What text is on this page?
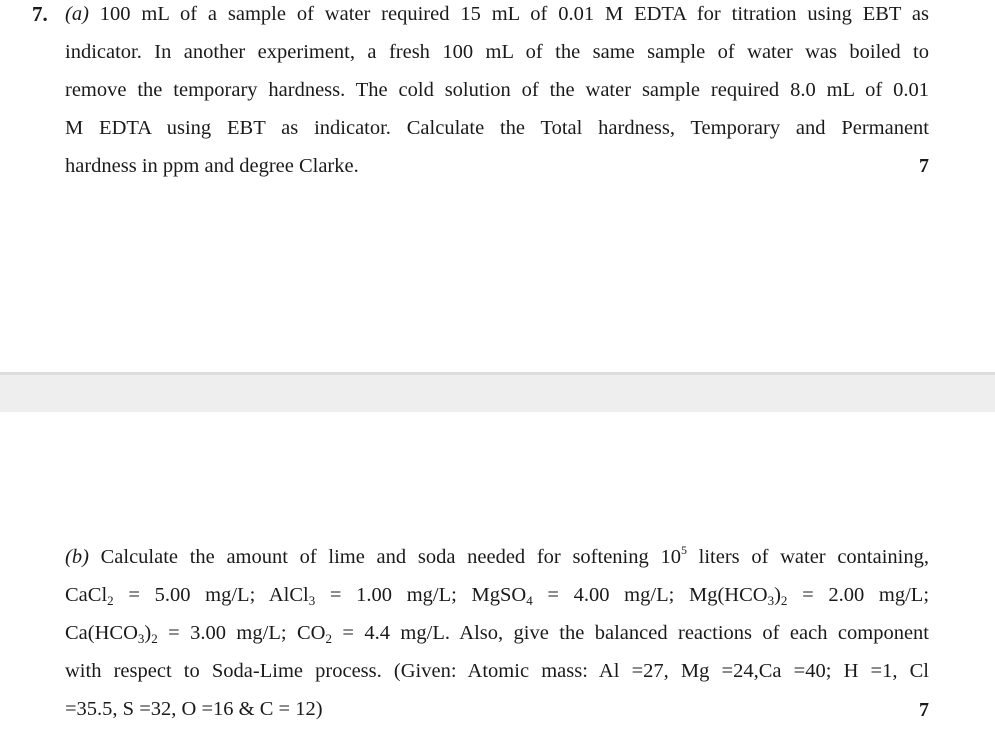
7. (a) 100 mL of a sample of water required 15 mL of 0.01 M EDTA for titration using EBT as
indicator. In another experiment, a fresh 100 mL of the same sample of water was boiled to
remove the temporary hardness. The cold solution of the water sample required 8.0 mL of 0.01
M EDTA using EBT as indicator. Calculate the Total hardness, Temporary and Permanent
hardness in ppm and degree Clarke.	7
(b) Calculate the amount of lime and soda needed for softening $10^5$ liters of water containing,
CaCl$_2$ = 5.00 mg/L; AlCl$_3$ = 1.00 mg/L; MgSO$_4$ = 4.00 mg/L; $Mg(HCO_3)_2 = 2.00$ mg/L;
$Ca(HCO_3)_2 = 3.00$ mg/L; $CO_2 = 4.4$ mg/L. Also, give the balanced reactions of each component
with respect to Soda-Lime process. (Given: Atomic mass: Al =27, Mg =24,Ca =40; H =1, Cl
=35.5, S =32, O =16 & C = 12)	7
